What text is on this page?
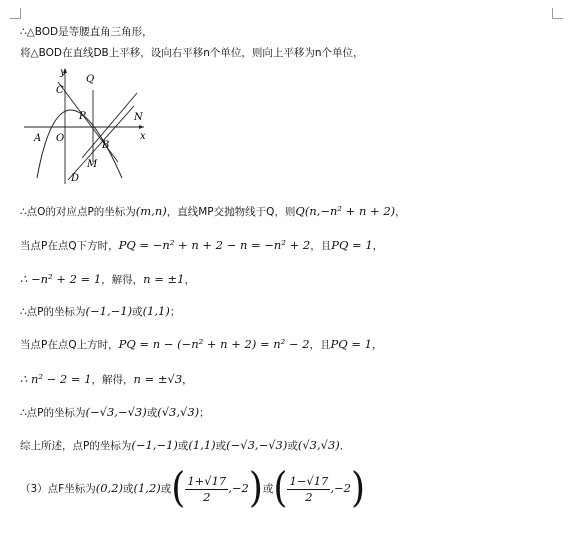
∴△BOD是等腰直角三角形，
将△BOD在直线DB上平移，设向右平移n个单位，则向上平移为n个单位，
y
x
Q
C
P	N
A O
B
M
D
∴点O的对应点P的坐标为(m,n)，直线MP交抛物线于Q，则Q(n,−n² + n + 2)，
当点P在点Q下方时，PQ = −n² + n + 2 − n = −n² + 2，且PQ = 1，
∴ −n² + 2 = 1，解得，n = ±1，
∴点P的坐标为(−1,−1)或(1,1)；
当点P在点Q上方时，PQ = n − (−n² + n + 2) = n² − 2，且PQ = 1，
∴ n² − 2 = 1，解得，n = ±√3，
∴点P的坐标为(−√3,−√3)或(√3,√3)；
综上所述，点P的坐标为(−1,−1)或(1,1)或(−√3,−√3)或(√3,√3)．
（3）点F坐标为(0,2)或(1,2)或( $\frac{1+√17}{2} ,-2$)或( $\frac{1-√17}{2} ,-2$)
